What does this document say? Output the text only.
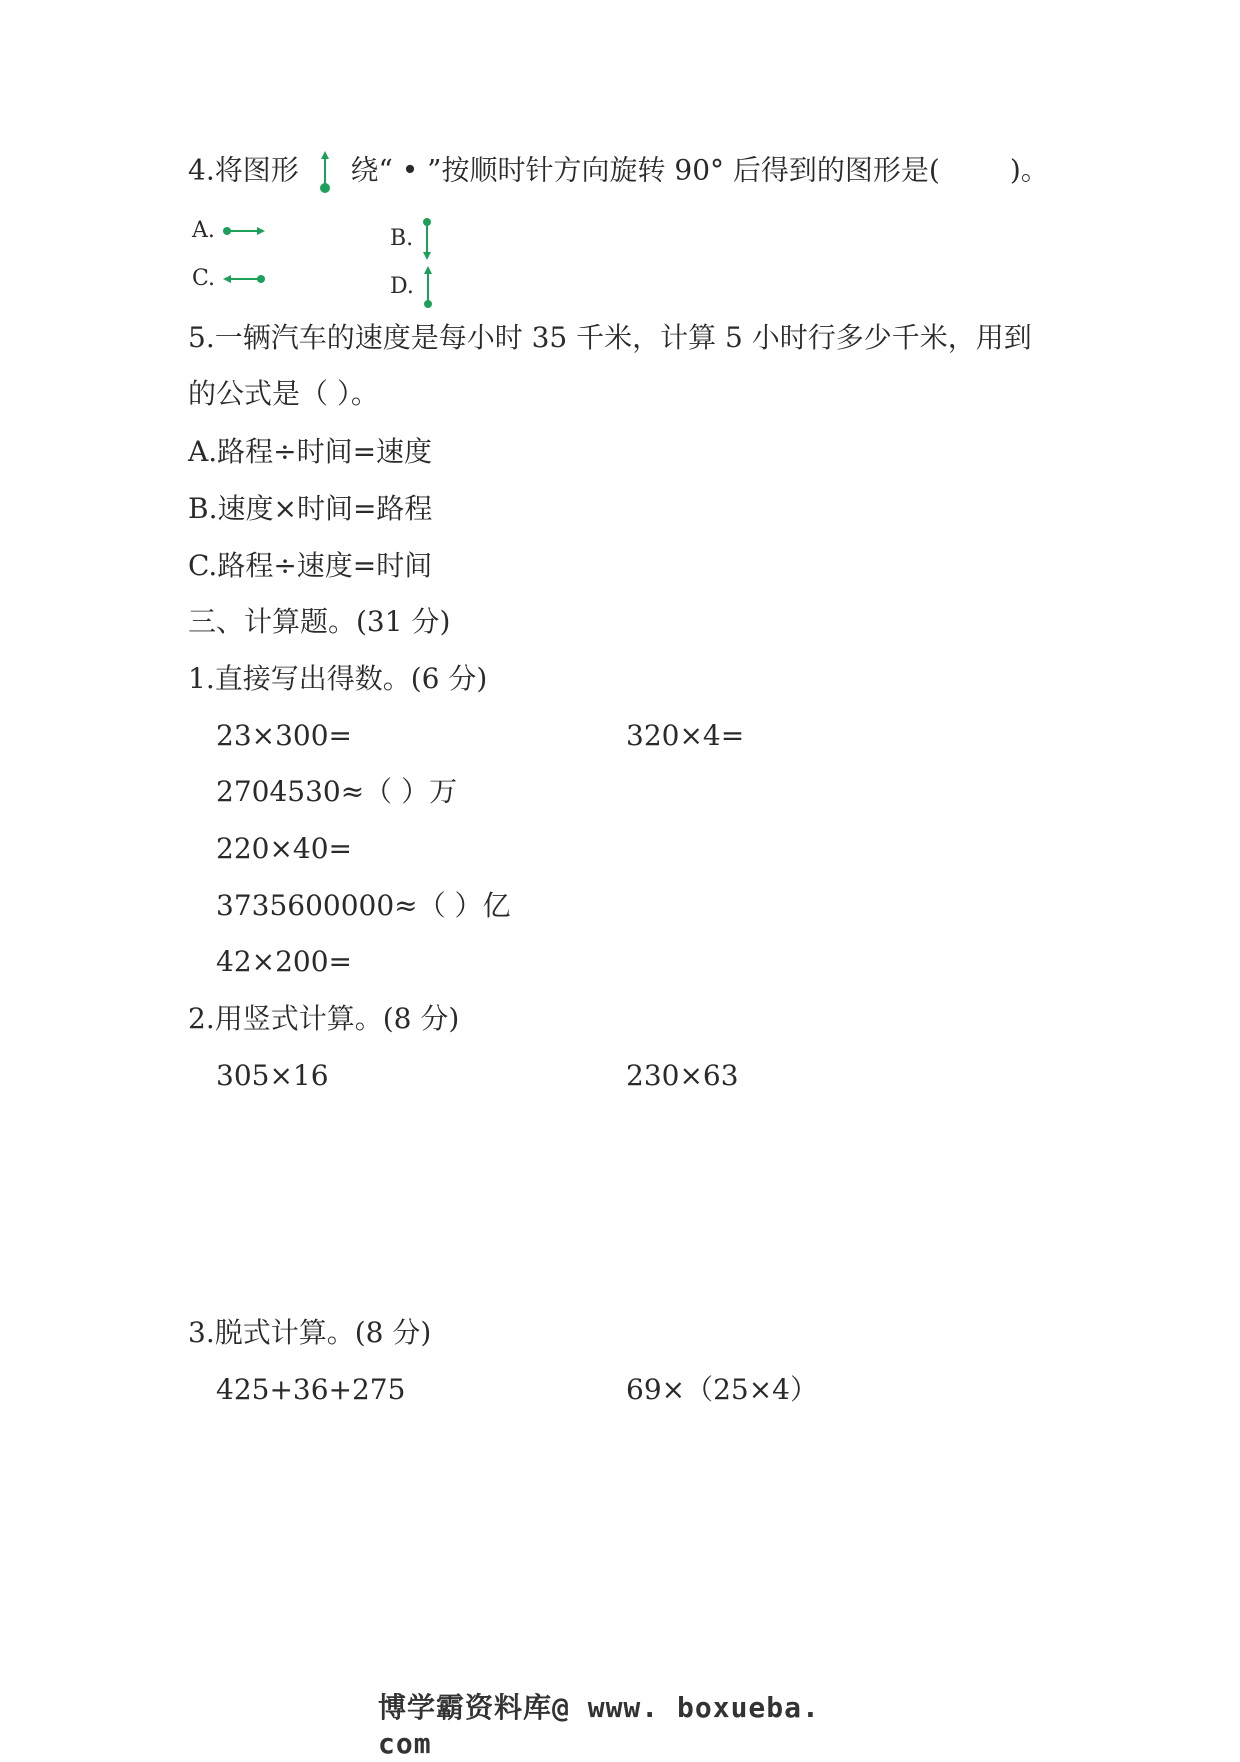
4.将图形 绕“ • ”按顺时针方向旋转 90° 后得到的图形是(	)。
A.	B.
C.	D.
5.一辆汽车的速度是每小时 35 千米，计算 5 小时行多少千米，用到
的公式是（ ）。
A.路程÷时间=速度
B.速度×时间=路程
C.路程÷速度=时间
三、计算题。(31 分)
1.直接写出得数。(6 分)
23×300=	320×4=
2704530≈（ ）万
220×40=
3735600000≈（ ）亿
42×200=
2.用竖式计算。(8 分)
305×16	230×63
3.脱式计算。(8 分)
425+36+275	69×（25×4）
博学霸资料库@ www. boxueba. com
